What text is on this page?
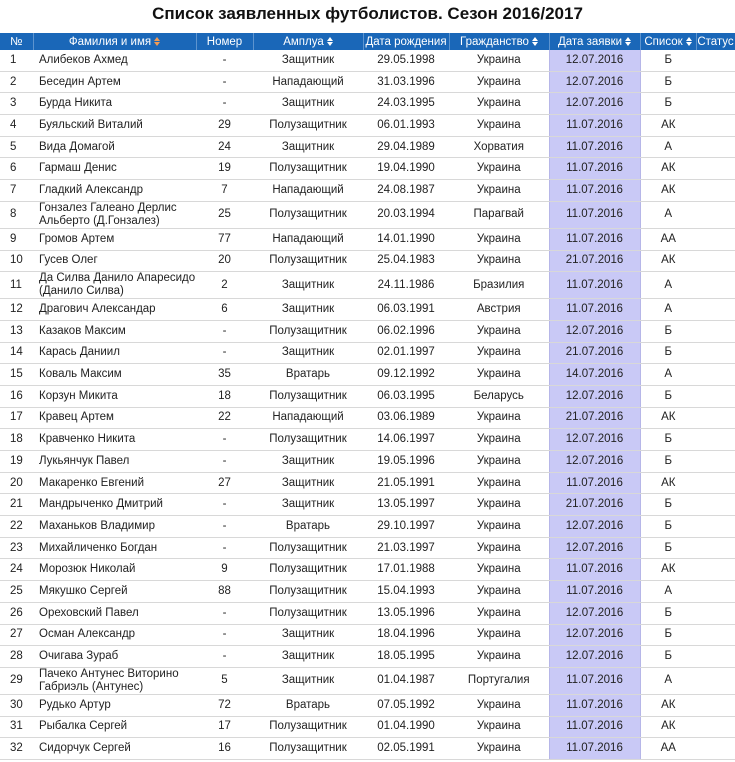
Список заявленных футболистов. Сезон 2016/2017
№	Фамилия и имя	Номер	Амплуа	Дата рождения	Гражданство	Дата заявки	Список	Статус
1	Алибеков Ахмед	-	Защитник	29.05.1998	Украина	12.07.2016	Б	
2	Беседин Артем	-	Нападающий	31.03.1996	Украина	12.07.2016	Б	
3	Бурда Никита	-	Защитник	24.03.1995	Украина	12.07.2016	Б	
4	Буяльский Виталий	29	Полузащитник	06.01.1993	Украина	11.07.2016	АК	
5	Вида Домагой	24	Защитник	29.04.1989	Хорватия	11.07.2016	А	
6	Гармаш Денис	19	Полузащитник	19.04.1990	Украина	11.07.2016	АК	
7	Гладкий Александр	7	Нападающий	24.08.1987	Украина	11.07.2016	АК	
8	Гонзалез Галеано Дерлис Альберто (Д.Гонзалез)	25	Полузащитник	20.03.1994	Парагвай	11.07.2016	А	
9	Громов Артем	77	Нападающий	14.01.1990	Украина	11.07.2016	АА	
10	Гусев Олег	20	Полузащитник	25.04.1983	Украина	21.07.2016	АК	
11	Да Силва Данило Апаресидо (Данило Силва)	2	Защитник	24.11.1986	Бразилия	11.07.2016	А	
12	Драгович Александар	6	Защитник	06.03.1991	Австрия	11.07.2016	А	
13	Казаков Максим	-	Полузащитник	06.02.1996	Украина	12.07.2016	Б	
14	Карась Даниил	-	Защитник	02.01.1997	Украина	21.07.2016	Б	
15	Коваль Максим	35	Вратарь	09.12.1992	Украина	14.07.2016	А	
16	Корзун Микита	18	Полузащитник	06.03.1995	Беларусь	12.07.2016	Б	
17	Кравец Артем	22	Нападающий	03.06.1989	Украина	21.07.2016	АК	
18	Кравченко Никита	-	Полузащитник	14.06.1997	Украина	12.07.2016	Б	
19	Лукьянчук Павел	-	Защитник	19.05.1996	Украина	12.07.2016	Б	
20	Макаренко Евгений	27	Защитник	21.05.1991	Украина	11.07.2016	АК	
21	Мандрыченко Дмитрий	-	Защитник	13.05.1997	Украина	21.07.2016	Б	
22	Маханьков Владимир	-	Вратарь	29.10.1997	Украина	12.07.2016	Б	
23	Михайличенко Богдан	-	Полузащитник	21.03.1997	Украина	12.07.2016	Б	
24	Морозюк Николай	9	Полузащитник	17.01.1988	Украина	11.07.2016	АК	
25	Мякушко Сергей	88	Полузащитник	15.04.1993	Украина	11.07.2016	А	
26	Ореховский Павел	-	Полузащитник	13.05.1996	Украина	12.07.2016	Б	
27	Осман Александр	-	Защитник	18.04.1996	Украина	12.07.2016	Б	
28	Очигава Зураб	-	Защитник	18.05.1995	Украина	12.07.2016	Б	
29	Пачеко Антунес Виторино Габриэль (Антунес)	5	Защитник	01.04.1987	Португалия	11.07.2016	А	
30	Рудько Артур	72	Вратарь	07.05.1992	Украина	11.07.2016	АК	
31	Рыбалка Сергей	17	Полузащитник	01.04.1990	Украина	11.07.2016	АК	
32	Сидорчук Сергей	16	Полузащитник	02.05.1991	Украина	11.07.2016	АА	
